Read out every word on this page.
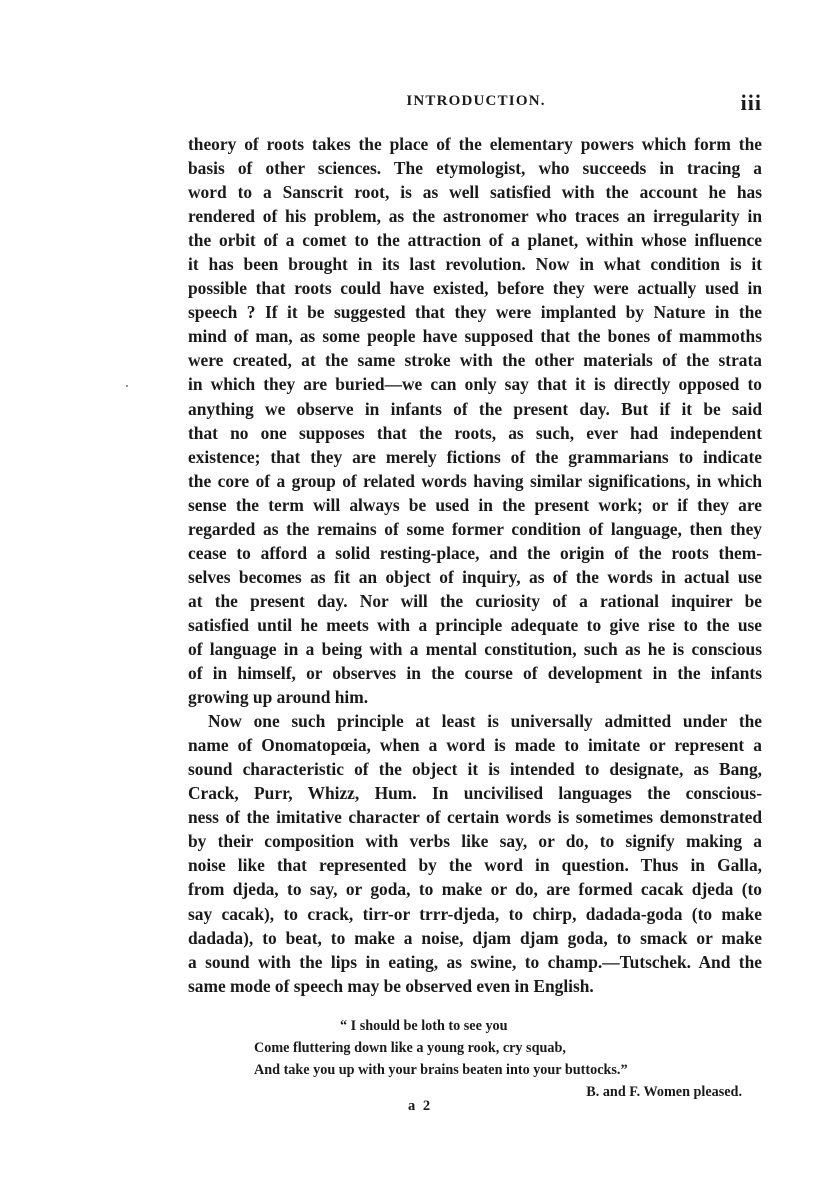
INTRODUCTION.	iii
theory of roots takes the place of the elementary powers which form the
basis of other sciences. The etymologist, who succeeds in tracing a
word to a Sanscrit root, is as well satisfied with the account he has
rendered of his problem, as the astronomer who traces an irregularity in
the orbit of a comet to the attraction of a planet, within whose influence
it has been brought in its last revolution. Now in what condition is it
possible that roots could have existed, before they were actually used in
speech ? If it be suggested that they were implanted by Nature in the
mind of man, as some people have supposed that the bones of mammoths
were created, at the same stroke with the other materials of the strata
in which they are buried—we can only say that it is directly opposed to
anything we observe in infants of the present day. But if it be said
that no one supposes that the roots, as such, ever had independent
existence; that they are merely fictions of the grammarians to indicate
the core of a group of related words having similar significations, in which
sense the term will always be used in the present work; or if they are
regarded as the remains of some former condition of language, then they
cease to afford a solid resting-place, and the origin of the roots them-
selves becomes as fit an object of inquiry, as of the words in actual use
at the present day. Nor will the curiosity of a rational inquirer be
satisfied until he meets with a principle adequate to give rise to the use
of language in a being with a mental constitution, such as he is conscious
of in himself, or observes in the course of development in the infants
growing up around him.
Now one such principle at least is universally admitted under the
name of Onomatopœia, when a word is made to imitate or represent a
sound characteristic of the object it is intended to designate, as Bang,
Crack, Purr, Whizz, Hum. In uncivilised languages the conscious-
ness of the imitative character of certain words is sometimes demonstrated
by their composition with verbs like say, or do, to signify making a
noise like that represented by the word in question. Thus in Galla,
from djeda, to say, or goda, to make or do, are formed cacak djeda (to
say cacak), to crack, tirr-or trrr-djeda, to chirp, dadada-goda (to make
dadada), to beat, to make a noise, djam djam goda, to smack or make
a sound with the lips in eating, as swine, to champ.—Tutschek. And the
same mode of speech may be observed even in English.
“ I should be loth to see you
Come fluttering down like a young rook, cry squab,
And take you up with your brains beaten into your buttocks.”
B. and F. Women pleased.
a 2
